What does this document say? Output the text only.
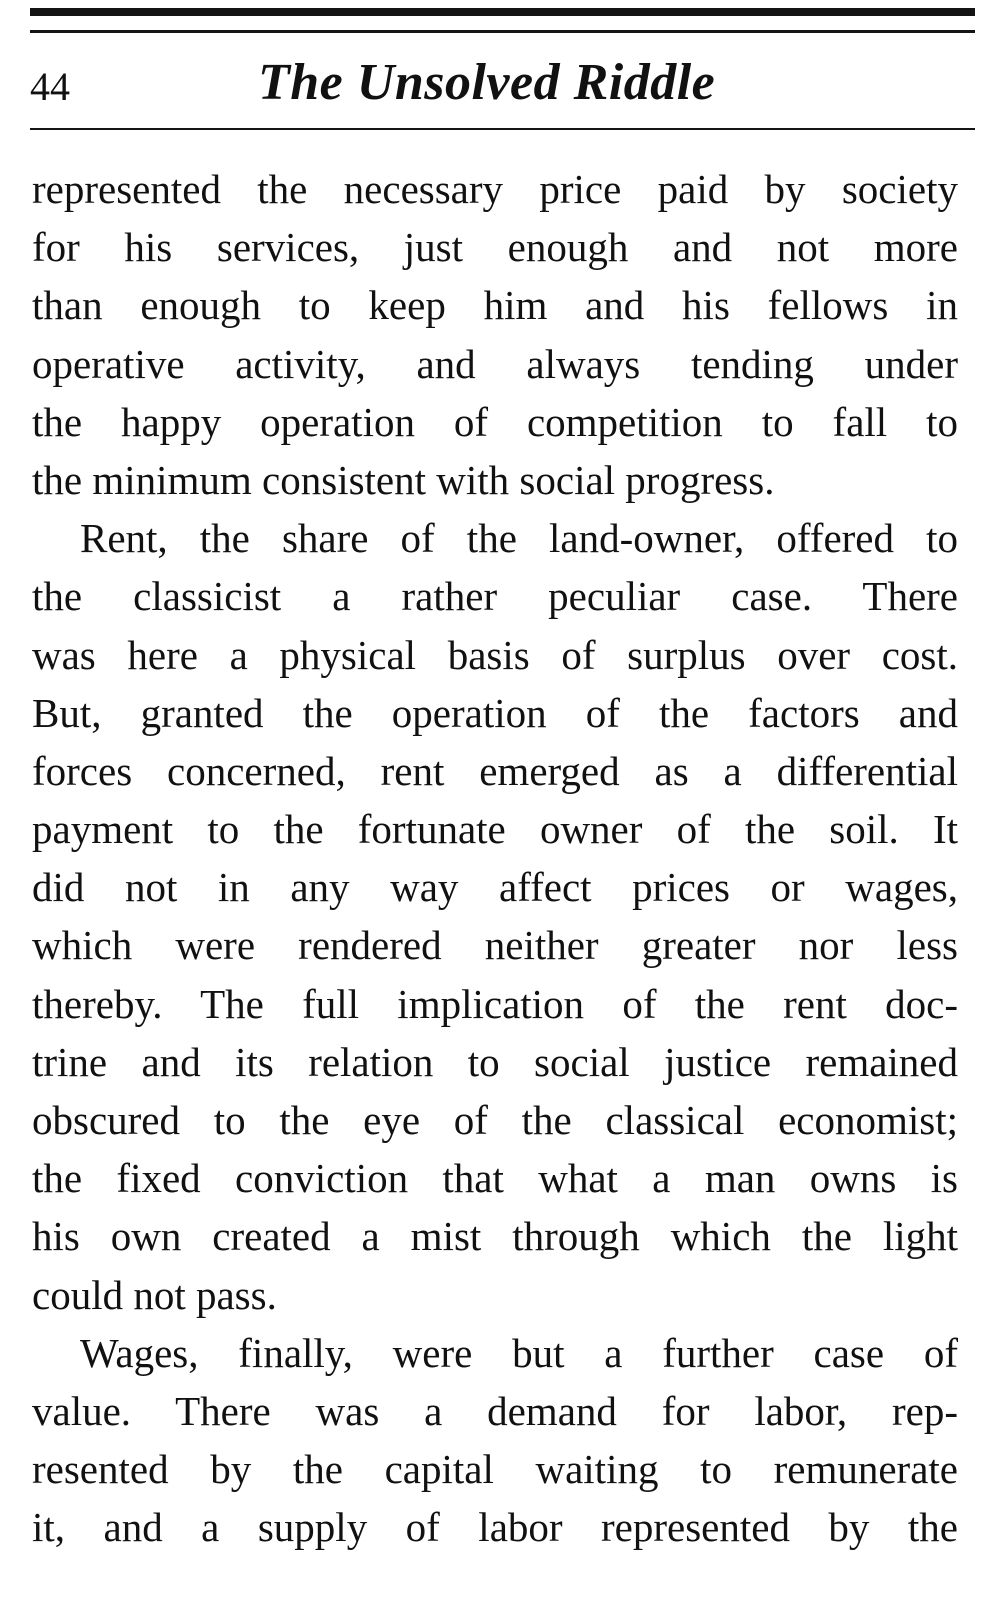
44	The Unsolved Riddle
represented the necessary price paid by society
for his services, just enough and not more
than enough to keep him and his fellows in
operative activity, and always tending under
the happy operation of competition to fall to
the minimum consistent with social progress.
Rent, the share of the land-owner, offered to
the classicist a rather peculiar case. There
was here a physical basis of surplus over cost.
But, granted the operation of the factors and
forces concerned, rent emerged as a differential
payment to the fortunate owner of the soil. It
did not in any way affect prices or wages,
which were rendered neither greater nor less
thereby. The full implication of the rent doc-
trine and its relation to social justice remained
obscured to the eye of the classical economist;
the fixed conviction that what a man owns is
his own created a mist through which the light
could not pass.
Wages, finally, were but a further case of
value. There was a demand for labor, rep-
resented by the capital waiting to remunerate
it, and a supply of labor represented by the
